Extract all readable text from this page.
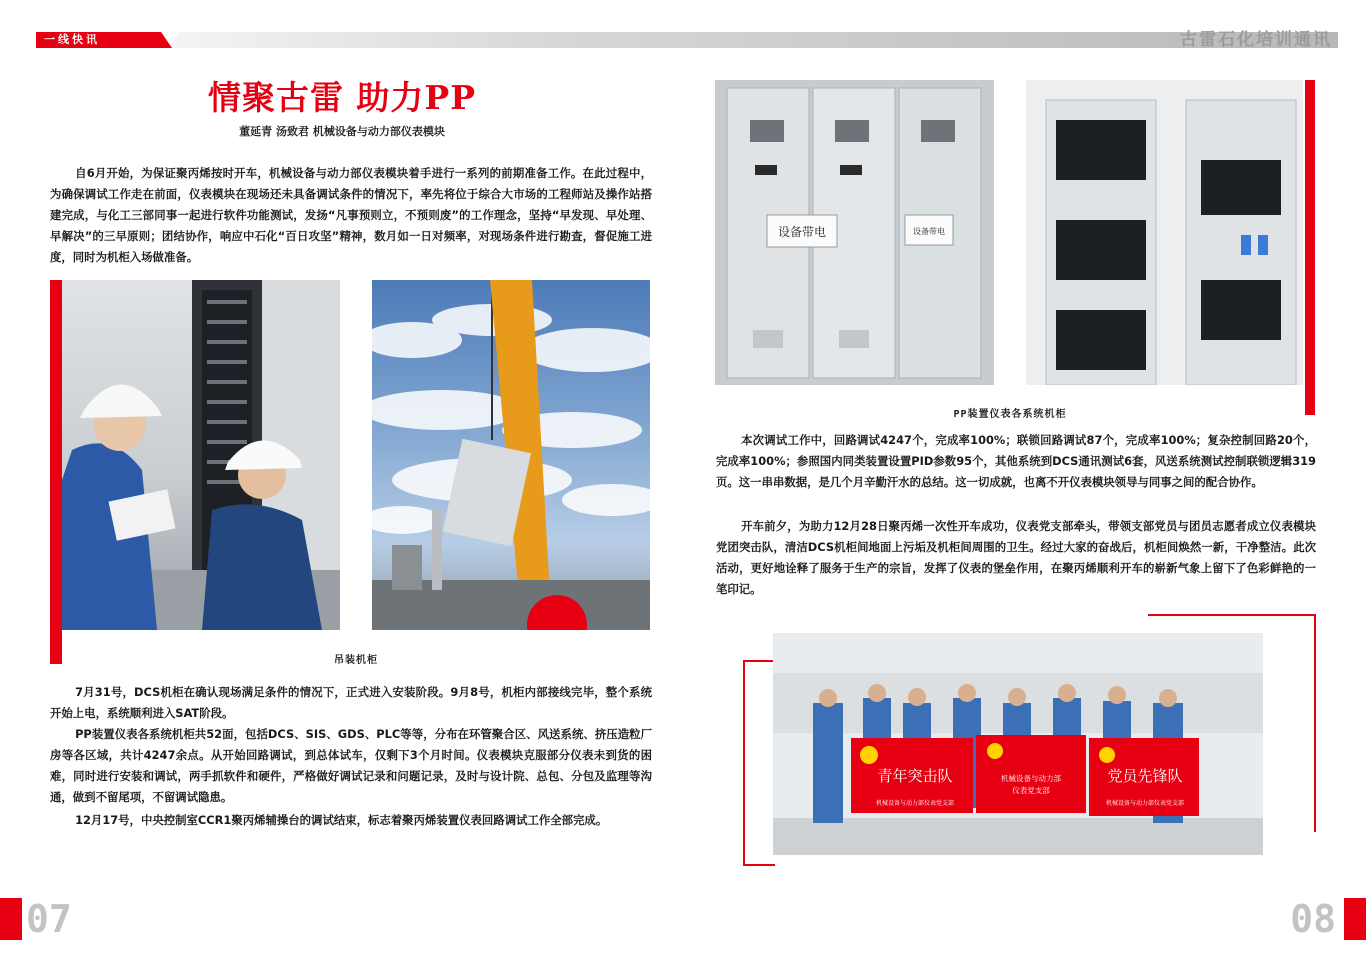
一线快讯	古雷石化培训通讯
情聚古雷 助力PP
董延青 汤致君 机械设备与动力部仪表模块

自6月开始，为保证聚丙烯按时开车，机械设备与动力部仪表模块着手进行一系列的前期准备工作。在此过程中，为确保调试工作走在前面，仪表模块在现场还未具备调试条件的情况下，率先将位于综合大市场的工程师站及操作站搭建完成，与化工三部同事一起进行软件功能测试，发扬“凡事预则立，不预则废”的工作理念，坚持“早发现、早处理、早解决”的三早原则；团结协作，响应中石化“百日攻坚”精神，数月如一日对频率，对现场条件进行勘查，督促施工进度，同时为机柜入场做准备。

吊装机柜

7月31号，DCS机柜在确认现场满足条件的情况下，正式进入安装阶段。9月8号，机柜内部接线完毕，整个系统开始上电，系统顺利进入SAT阶段。

PP装置仪表各系统机柜共52面，包括DCS、SIS、GDS、PLC等等，分布在环管聚合区、风送系统、挤压造粒厂房等各区域，共计4247余点。从开始回路调试，到总体试车，仅剩下3个月时间。仪表模块克服部分仪表未到货的困难，同时进行安装和调试，两手抓软件和硬件，严格做好调试记录和问题记录，及时与设计院、总包、分包及监理等沟通，做到不留尾项，不留调试隐患。

12月17号，中央控制室CCR1聚丙烯辅操台的调试结束，标志着聚丙烯装置仪表回路调试工作全部完成。

设备带电	设备带电
PP装置仪表各系统机柜

本次调试工作中，回路调试4247个，完成率100%；联锁回路调试87个，完成率100%；复杂控制回路20个，完成率100%；参照国内同类装置设置PID参数95个，其他系统到DCS通讯测试6套，风送系统测试控制联锁逻辑319页。这一串串数据，是几个月辛勤汗水的总结。这一切成就，也离不开仪表模块领导与同事之间的配合协作。

开车前夕，为助力12月28日聚丙烯一次性开车成功，仪表党支部牵头，带领支部党员与团员志愿者成立仪表模块党团突击队，清洁DCS机柜间地面上污垢及机柜间周围的卫生。经过大家的奋战后，机柜间焕然一新，干净整洁。此次活动，更好地诠释了服务于生产的宗旨，发挥了仪表的堡垒作用，在聚丙烯顺利开车的崭新气象上留下了色彩鲜艳的一笔印记。

青年突击队
机械设备与动力部仪表党支部
机械设备与动力部
仪表党支部
党员先锋队
机械设备与动力部仪表党支部
07	08
